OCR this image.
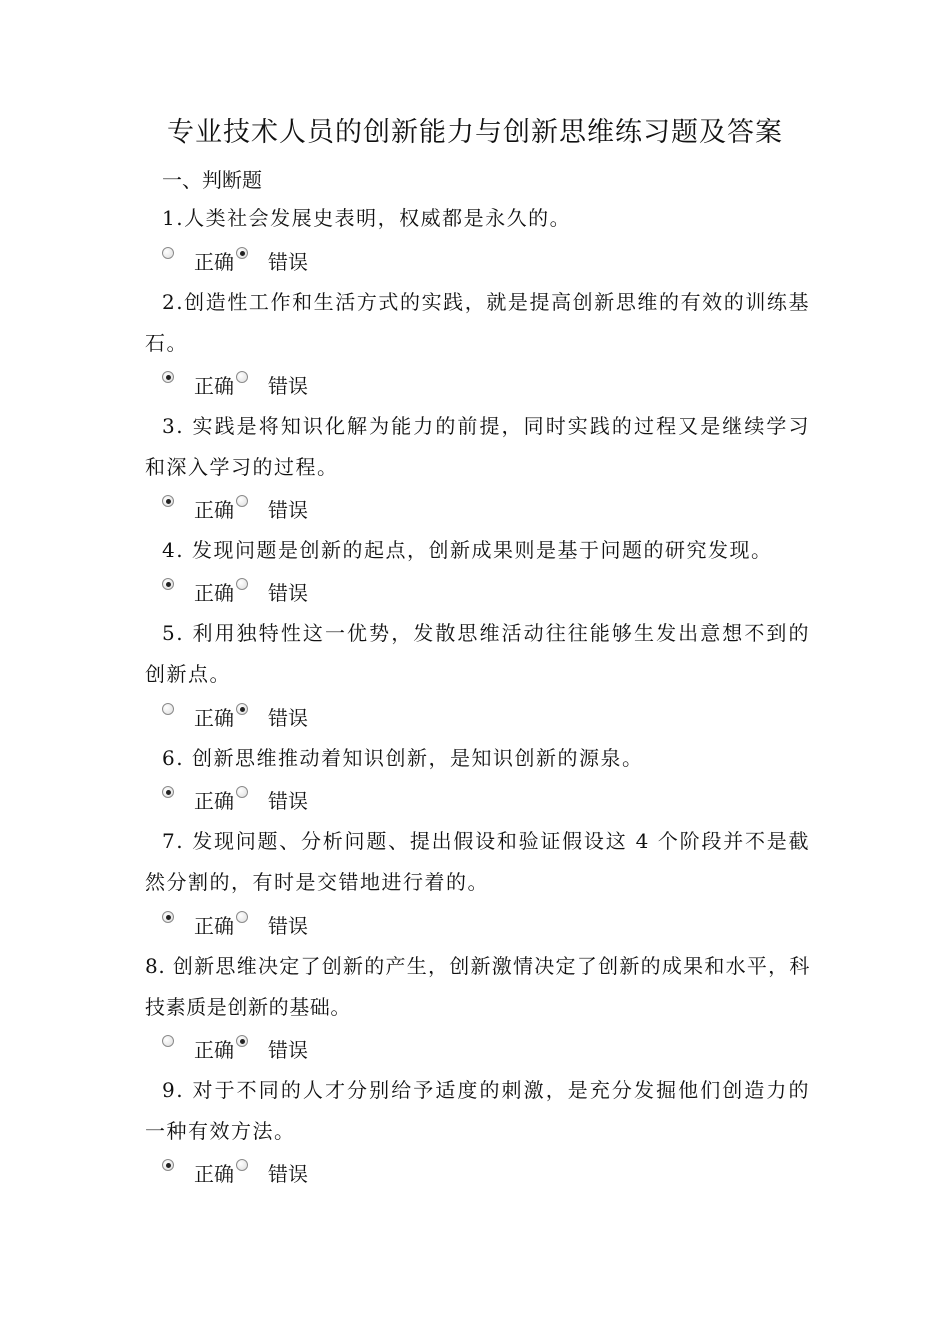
专业技术人员的创新能力与创新思维练习题及答案
一、判断题

1.人类社会发展史表明，权威都是永久的。

正确 错误

2.创造性工作和生活方式的实践，就是提高创新思维的有效的训练基石。

正确 错误

3. 实践是将知识化解为能力的前提，同时实践的过程又是继续学习和深入学习的过程。

正确 错误

4. 发现问题是创新的起点，创新成果则是基于问题的研究发现。

正确 错误

5. 利用独特性这一优势，发散思维活动往往能够生发出意想不到的创新点。

正确 错误

6. 创新思维推动着知识创新，是知识创新的源泉。

正确 错误

7. 发现问题、分析问题、提出假设和验证假设这 4 个阶段并不是截然分割的，有时是交错地进行着的。

正确 错误

8. 创新思维决定了创新的产生，创新激情决定了创新的成果和水平，科技素质是创新的基础。

正确 错误

9. 对于不同的人才分别给予适度的刺激，是充分发掘他们创造力的一种有效方法。

正确 错误
